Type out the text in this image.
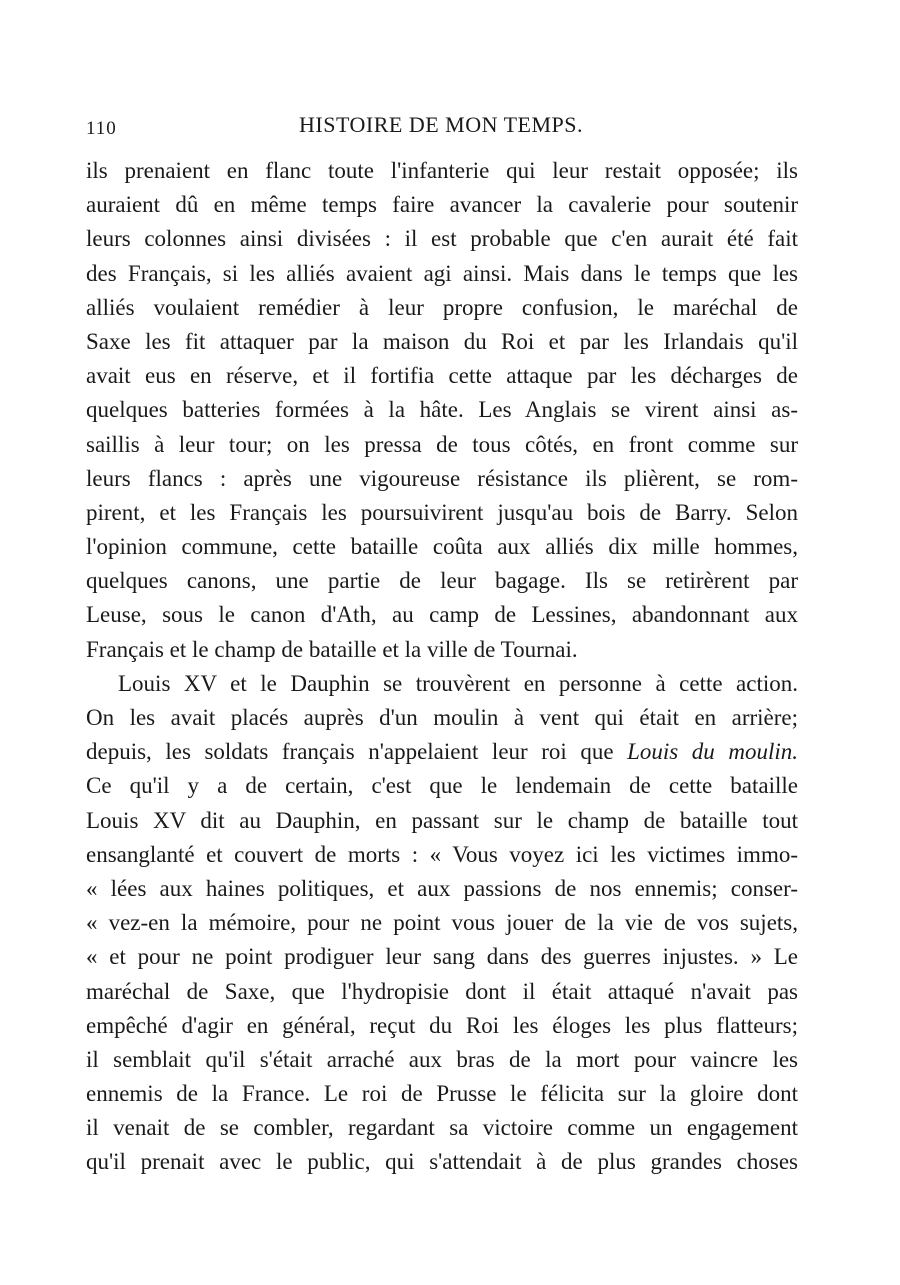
110	HISTOIRE DE MON TEMPS.
ils prenaient en flanc toute l'infanterie qui leur restait opposée; ils
auraient dû en même temps faire avancer la cavalerie pour soutenir
leurs colonnes ainsi divisées : il est probable que c'en aurait été fait
des Français, si les alliés avaient agi ainsi. Mais dans le temps que les
alliés voulaient remédier à leur propre confusion, le maréchal de
Saxe les fit attaquer par la maison du Roi et par les Irlandais qu'il
avait eus en réserve, et il fortifia cette attaque par les décharges de
quelques batteries formées à la hâte. Les Anglais se virent ainsi as-
saillis à leur tour; on les pressa de tous côtés, en front comme sur
leurs flancs : après une vigoureuse résistance ils plièrent, se rom-
pirent, et les Français les poursuivirent jusqu'au bois de Barry. Selon
l'opinion commune, cette bataille coûta aux alliés dix mille hommes,
quelques canons, une partie de leur bagage. Ils se retirèrent par
Leuse, sous le canon d'Ath, au camp de Lessines, abandonnant aux
Français et le champ de bataille et la ville de Tournai.
Louis XV et le Dauphin se trouvèrent en personne à cette action.
On les avait placés auprès d'un moulin à vent qui était en arrière;
depuis, les soldats français n'appelaient leur roi que Louis du moulin.
Ce qu'il y a de certain, c'est que le lendemain de cette bataille
Louis XV dit au Dauphin, en passant sur le champ de bataille tout
ensanglanté et couvert de morts : « Vous voyez ici les victimes immo-
« lées aux haines politiques, et aux passions de nos ennemis; conser-
« vez-en la mémoire, pour ne point vous jouer de la vie de vos sujets,
« et pour ne point prodiguer leur sang dans des guerres injustes. » Le
maréchal de Saxe, que l'hydropisie dont il était attaqué n'avait pas
empêché d'agir en général, reçut du Roi les éloges les plus flatteurs;
il semblait qu'il s'était arraché aux bras de la mort pour vaincre les
ennemis de la France. Le roi de Prusse le félicita sur la gloire dont
il venait de se combler, regardant sa victoire comme un engagement
qu'il prenait avec le public, qui s'attendait à de plus grandes choses
